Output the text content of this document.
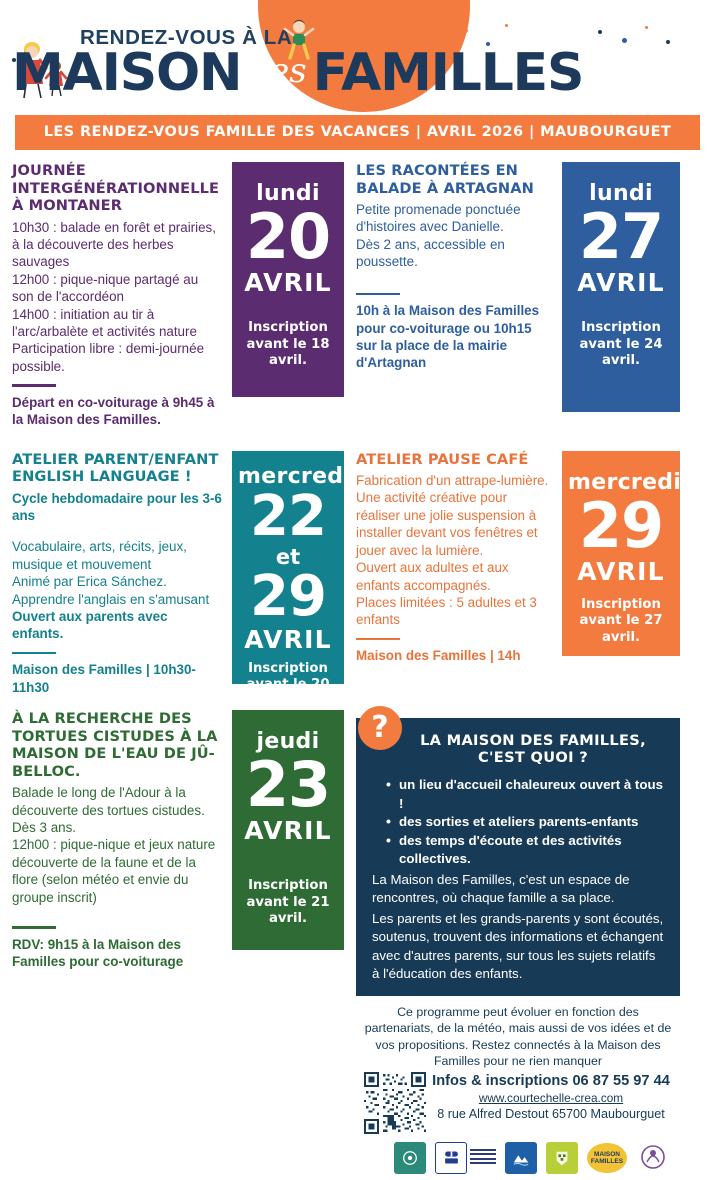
RENDEZ-VOUS À LA
MAISON des FAMILLES
LES RENDEZ-VOUS FAMILLE DES VACANCES | AVRIL 2026 | MAUBOURGUET
JOURNÉE INTERGÉNÉRATIONNELLE À MONTANER

10h30 : balade en forêt et prairies, à la découverte des herbes sauvages

12h00 : pique-nique partagé au son de l'accordéon

14h00 : initiation au tir à l'arc/arbalète et activités nature

Participation libre : demi-journée possible.

Départ en co-voiturage à 9h45 à la Maison des Familles.
lundi
20
AVRIL
Inscription avant le 18 avril.
LES RACONTÉES EN BALADE À ARTAGNAN

Petite promenade ponctuée d'histoires avec Danielle.

Dès 2 ans, accessible en poussette.

10h à la Maison des Familles pour co-voiturage ou 10h15 sur la place de la mairie d'Artagnan
lundi
27
AVRIL
Inscription avant le 24 avril.
ATELIER PARENT/ENFANT ENGLISH LANGUAGE !

Cycle hebdomadaire pour les 3-6 ans

Vocabulaire, arts, récits, jeux, musique et mouvement

Animé par Erica Sánchez.

Apprendre l'anglais en s'amusant

Ouvert aux parents avec enfants.

Maison des Familles | 10h30-11h30
mercredi
22
et
29
AVRIL
Inscription avant le 20 avril.
ATELIER PAUSE CAFÉ

Fabrication d'un attrape-lumière.

Une activité créative pour réaliser une jolie suspension à installer devant vos fenêtres et jouer avec la lumière.

Ouvert aux adultes et aux enfants accompagnés.

Places limitées : 5 adultes et 3 enfants

Maison des Familles | 14h
mercredi
29
AVRIL
Inscription avant le 27 avril.
À LA RECHERCHE DES TORTUES CISTUDES À LA MAISON DE L'EAU DE JÛ-BELLOC.

Balade le long de l'Adour à la découverte des tortues cistudes.

Dès 3 ans.

12h00 : pique-nique et jeux nature découverte de la faune et de la flore (selon météo et envie du groupe inscrit)

RDV: 9h15 à la Maison des Familles pour co-voiturage
jeudi
23
AVRIL
Inscription avant le 21 avril.
?	LA MAISON DES FAMILLES, C'EST QUOI ?
• un lieu d'accueil chaleureux ouvert à tous !
• des sorties et ateliers parents-enfants
• des temps d'écoute et des activités collectives.
La Maison des Familles, c'est un espace de rencontres, où chaque famille a sa place.
Les parents et les grands-parents y sont écoutés, soutenus, trouvent des informations et échangent avec d'autres parents, sur tous les sujets relatifs à l'éducation des enfants.
Ce programme peut évoluer en fonction des partenariats, de la météo, mais aussi de vos idées et de vos propositions. Restez connectés à la Maison des Familles pour ne rien manquer
Infos & inscriptions 06 87 55 97 44
www.courtechelle-crea.com
8 rue Alfred Destout 65700 Maubourguet
MAISON
FAMILLES
